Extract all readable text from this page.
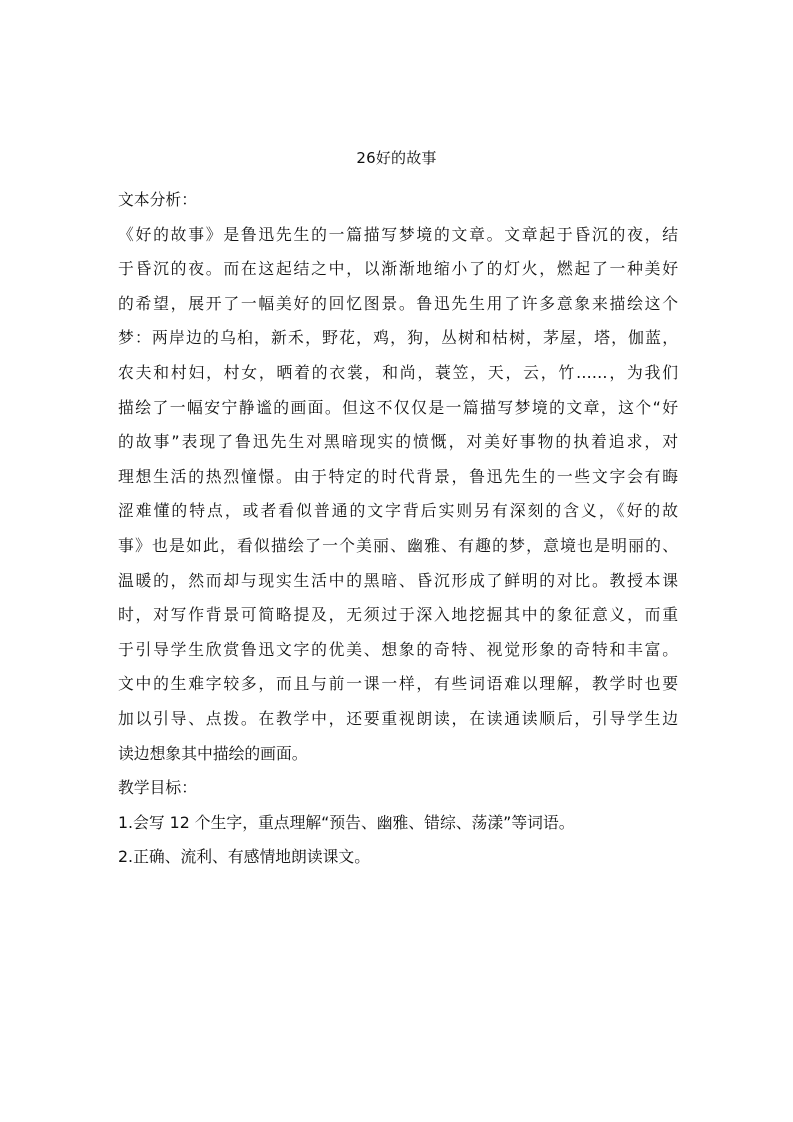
26好的故事
文本分析：
《好的故事》是鲁迅先生的一篇描写梦境的文章。文章起于昏沉的夜，结
于昏沉的夜。而在这起结之中，以渐渐地缩小了的灯火，燃起了一种美好
的希望，展开了一幅美好的回忆图景。鲁迅先生用了许多意象来描绘这个
梦：两岸边的乌桕，新禾，野花，鸡，狗，丛树和枯树，茅屋，塔，伽蓝，
农夫和村妇，村女，晒着的衣裳，和尚，蓑笠，天，云，竹……，为我们
描绘了一幅安宁静谧的画面。但这不仅仅是一篇描写梦境的文章，这个“好
的故事”表现了鲁迅先生对黑暗现实的愤慨，对美好事物的执着追求，对
理想生活的热烈憧憬。由于特定的时代背景，鲁迅先生的一些文字会有晦
涩难懂的特点，或者看似普通的文字背后实则另有深刻的含义，《好的故
事》也是如此，看似描绘了一个美丽、幽雅、有趣的梦，意境也是明丽的、
温暖的，然而却与现实生活中的黑暗、昏沉形成了鲜明的对比。教授本课
时，对写作背景可简略提及，无须过于深入地挖掘其中的象征意义，而重
于引导学生欣赏鲁迅文字的优美、想象的奇特、视觉形象的奇特和丰富。
文中的生难字较多，而且与前一课一样，有些词语难以理解，教学时也要
加以引导、点拨。在教学中，还要重视朗读，在读通读顺后，引导学生边
读边想象其中描绘的画面。
教学目标：
1.会写 12 个生字，重点理解“预告、幽雅、错综、荡漾”等词语。
2.正确、流利、有感情地朗读课文。
